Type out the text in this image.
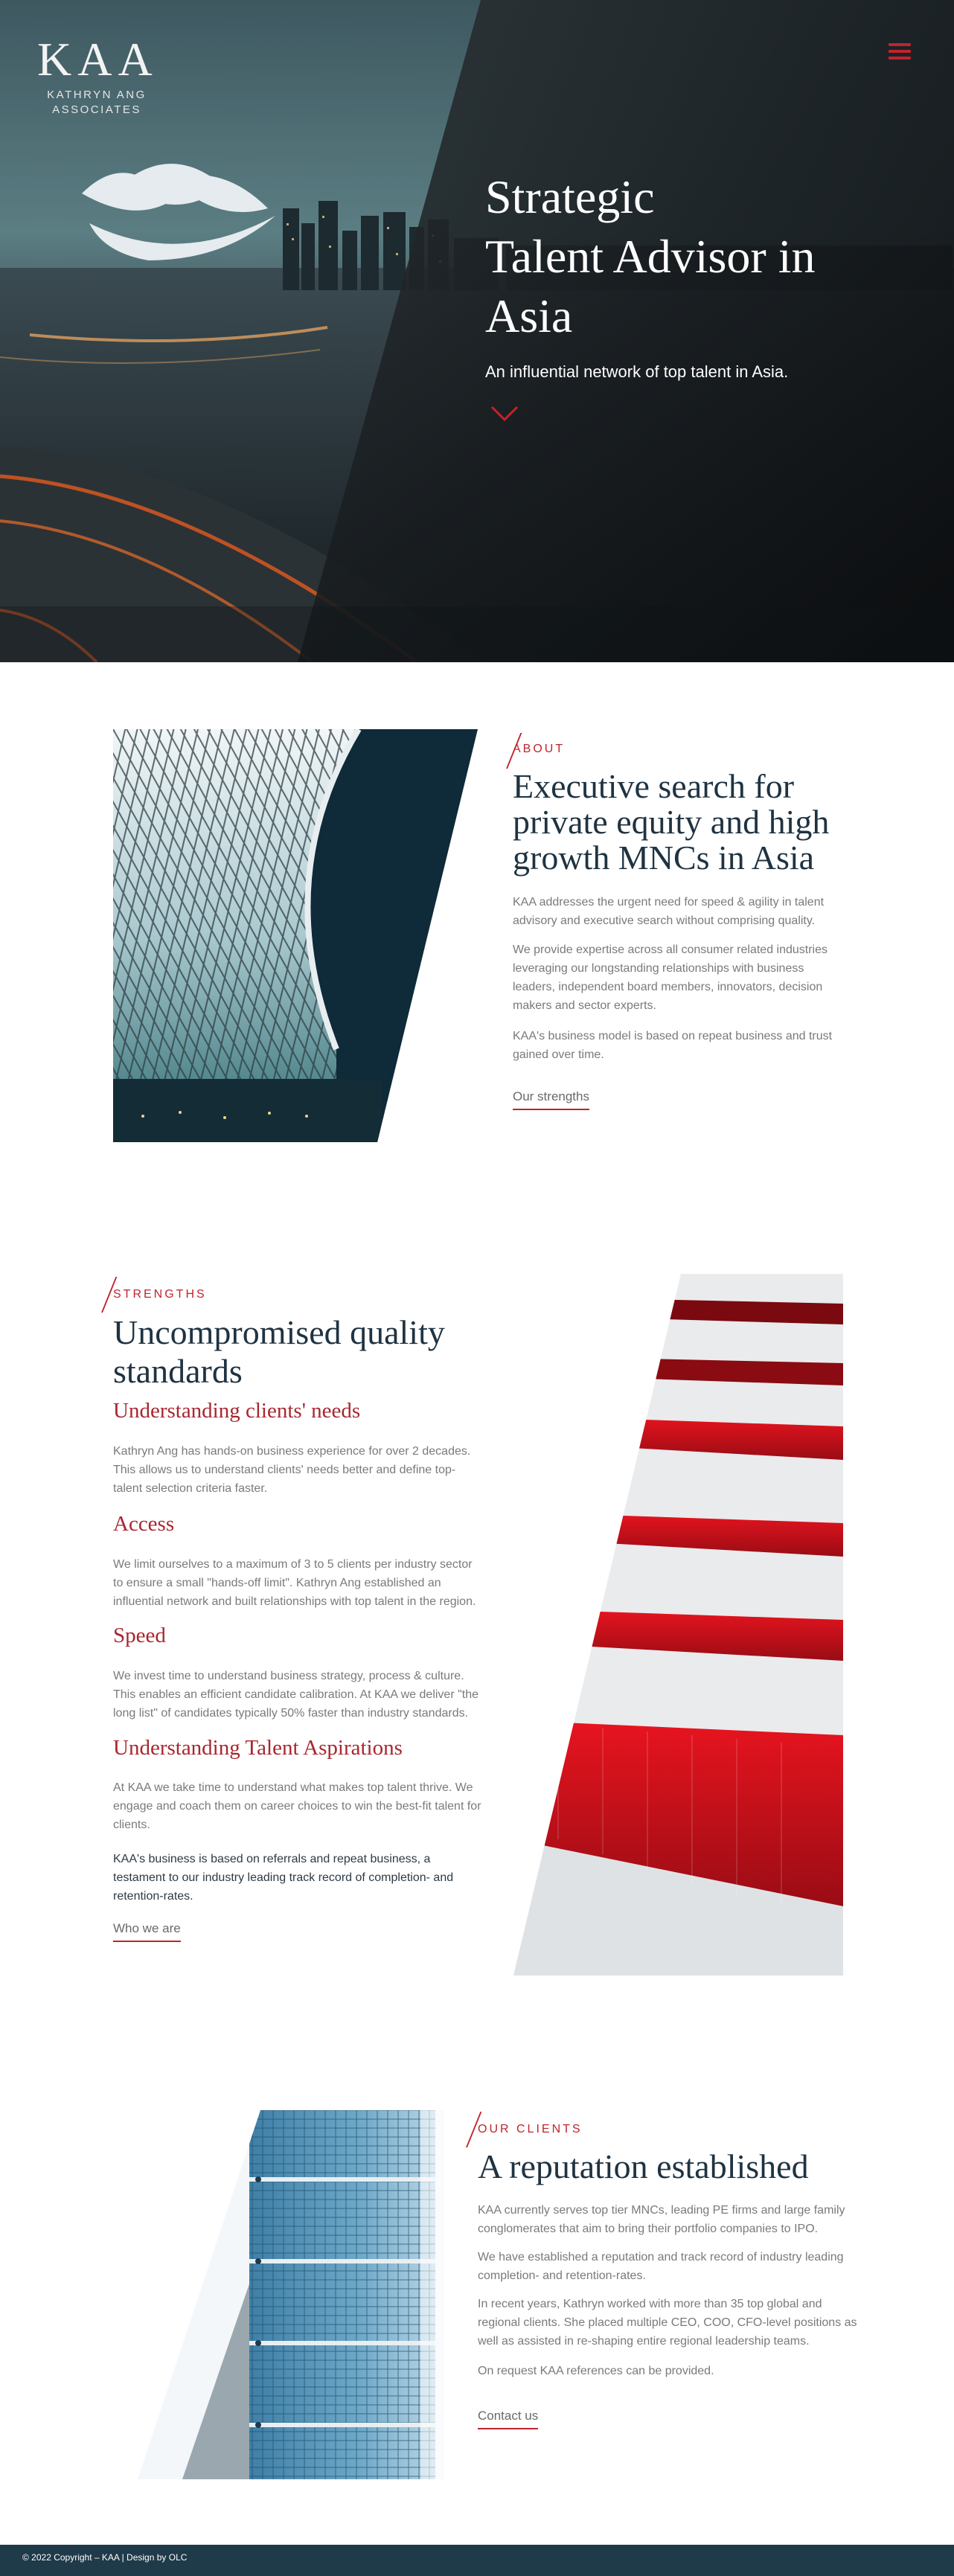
KAA
KATHRYN ANG
ASSOCIATES
Strategic
Talent Advisor in
Asia

An influential network of top talent in Asia.

ABOUT
Executive search for
private equity and high
growth MNCs in Asia

KAA addresses the urgent need for speed & agility in talent
advisory and executive search without comprising quality.

We provide expertise across all consumer related industries
leveraging our longstanding relationships with business
leaders, independent board members, innovators, decision
makers and sector experts.

KAA's business model is based on repeat business and trust
gained over time.

Our strengths
STRENGTHS
Uncompromised quality
standards
Understanding clients' needs

Kathryn Ang has hands-on business experience for over 2 decades.
This allows us to understand clients' needs better and define top-
talent selection criteria faster.

Access

We limit ourselves to a maximum of 3 to 5 clients per industry sector
to ensure a small "hands-off limit". Kathryn Ang established an
influential network and built relationships with top talent in the region.

Speed

We invest time to understand business strategy, process & culture.
This enables an efficient candidate calibration. At KAA we deliver "the
long list" of candidates typically 50% faster than industry standards.

Understanding Talent Aspirations

At KAA we take time to understand what makes top talent thrive. We
engage and coach them on career choices to win the best-fit talent for
clients.

KAA's business is based on referrals and repeat business, a
testament to our industry leading track record of completion- and
retention-rates.

Who we are
OUR CLIENTS
A reputation established

KAA currently serves top tier MNCs, leading PE firms and large family
conglomerates that aim to bring their portfolio companies to IPO.

We have established a reputation and track record of industry leading
completion- and retention-rates.

In recent years, Kathryn worked with more than 35 top global and
regional clients. She placed multiple CEO, COO, CFO-level positions as
well as assisted in re-shaping entire regional leadership teams.

On request KAA references can be provided.

Contact us
© 2022 Copyright – KAA | Design by OLC
